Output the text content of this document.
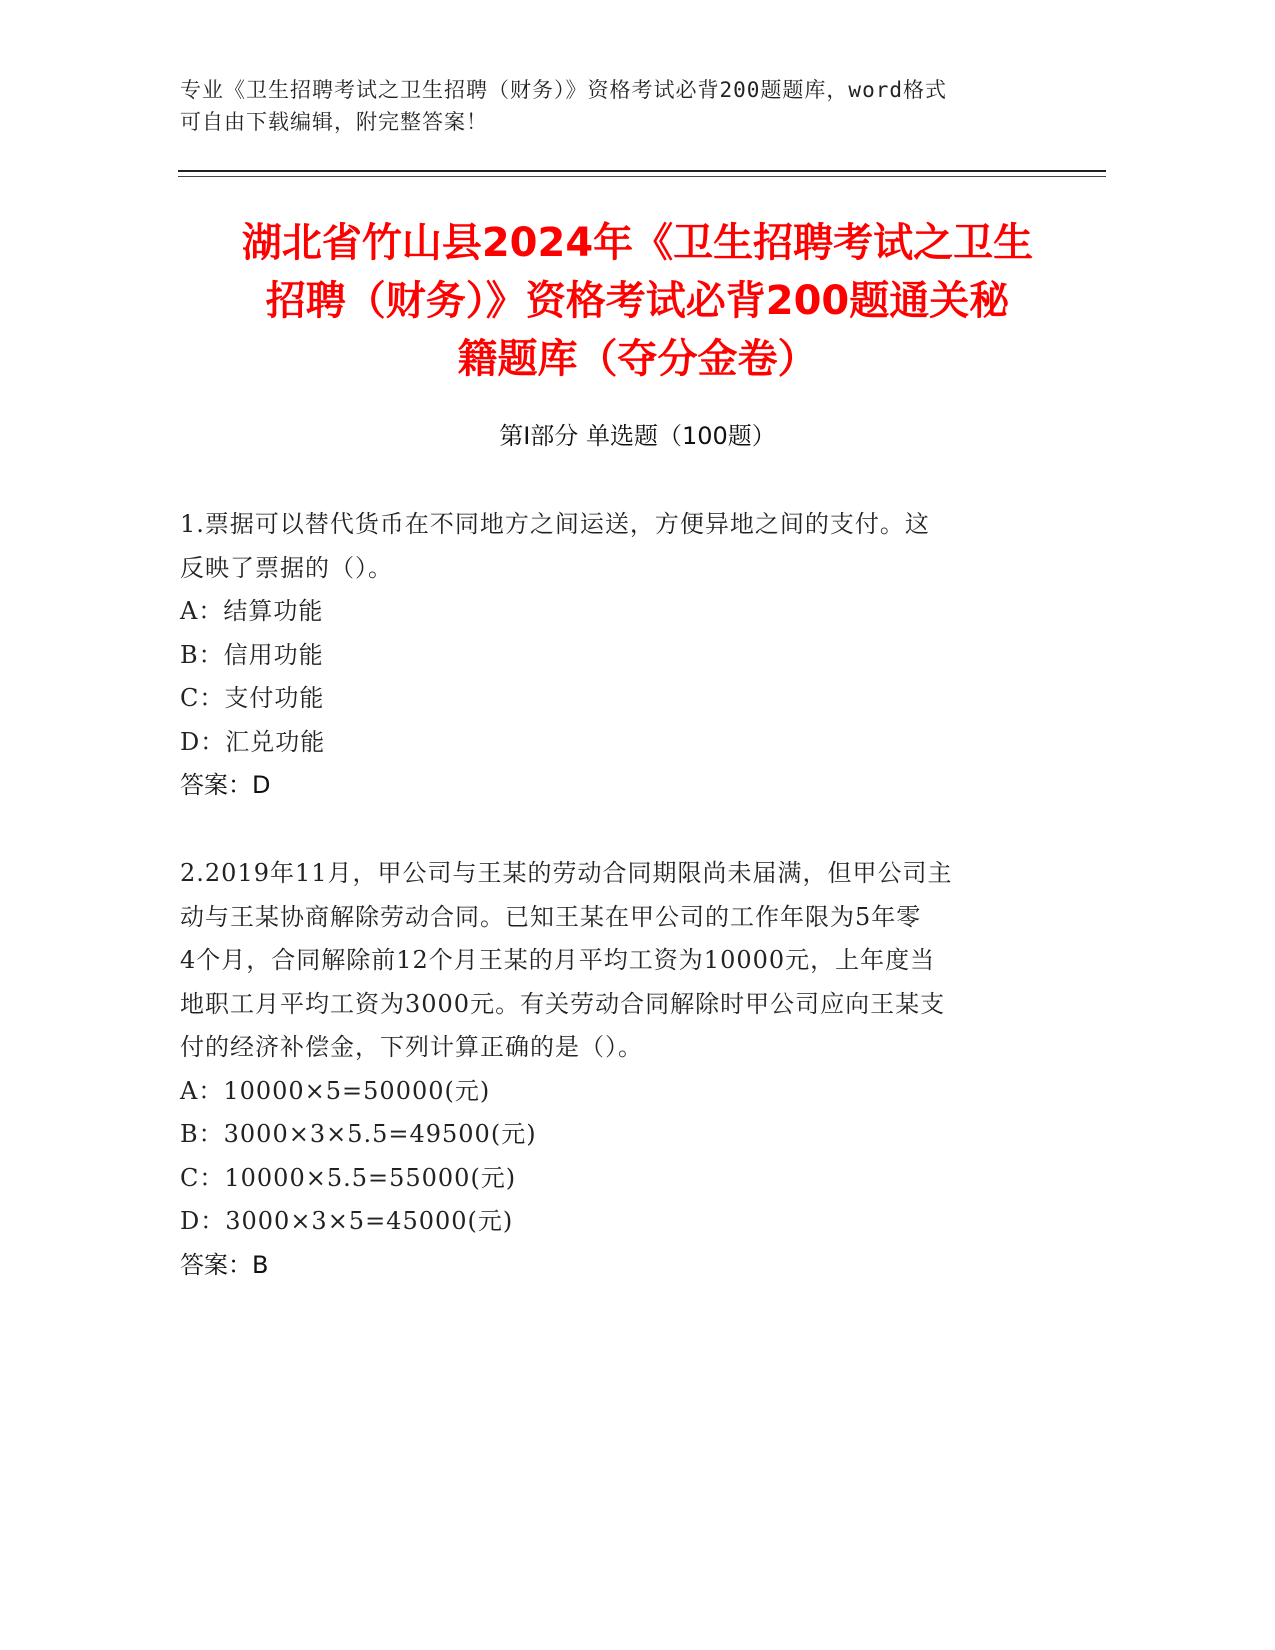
专业《卫生招聘考试之卫生招聘（财务）》资格考试必背200题题库，word格式
可自由下载编辑，附完整答案！
湖北省竹山县2024年《卫生招聘考试之卫生
招聘（财务）》资格考试必背200题通关秘
籍题库（夺分金卷）
第I部分 单选题（100题）
1.票据可以替代货币在不同地方之间运送，方便异地之间的支付。这
反映了票据的（）。
A：结算功能
B：信用功能
C：支付功能
D：汇兑功能
答案：D
2.2019年11月，甲公司与王某的劳动合同期限尚未届满，但甲公司主
动与王某协商解除劳动合同。已知王某在甲公司的工作年限为5年零
4个月，合同解除前12个月王某的月平均工资为10000元，上年度当
地职工月平均工资为3000元。有关劳动合同解除时甲公司应向王某支
付的经济补偿金，下列计算正确的是（）。
A：10000×5=50000(元)
B：3000×3×5.5=49500(元)
C：10000×5.5=55000(元)
D：3000×3×5=45000(元)
答案：B
